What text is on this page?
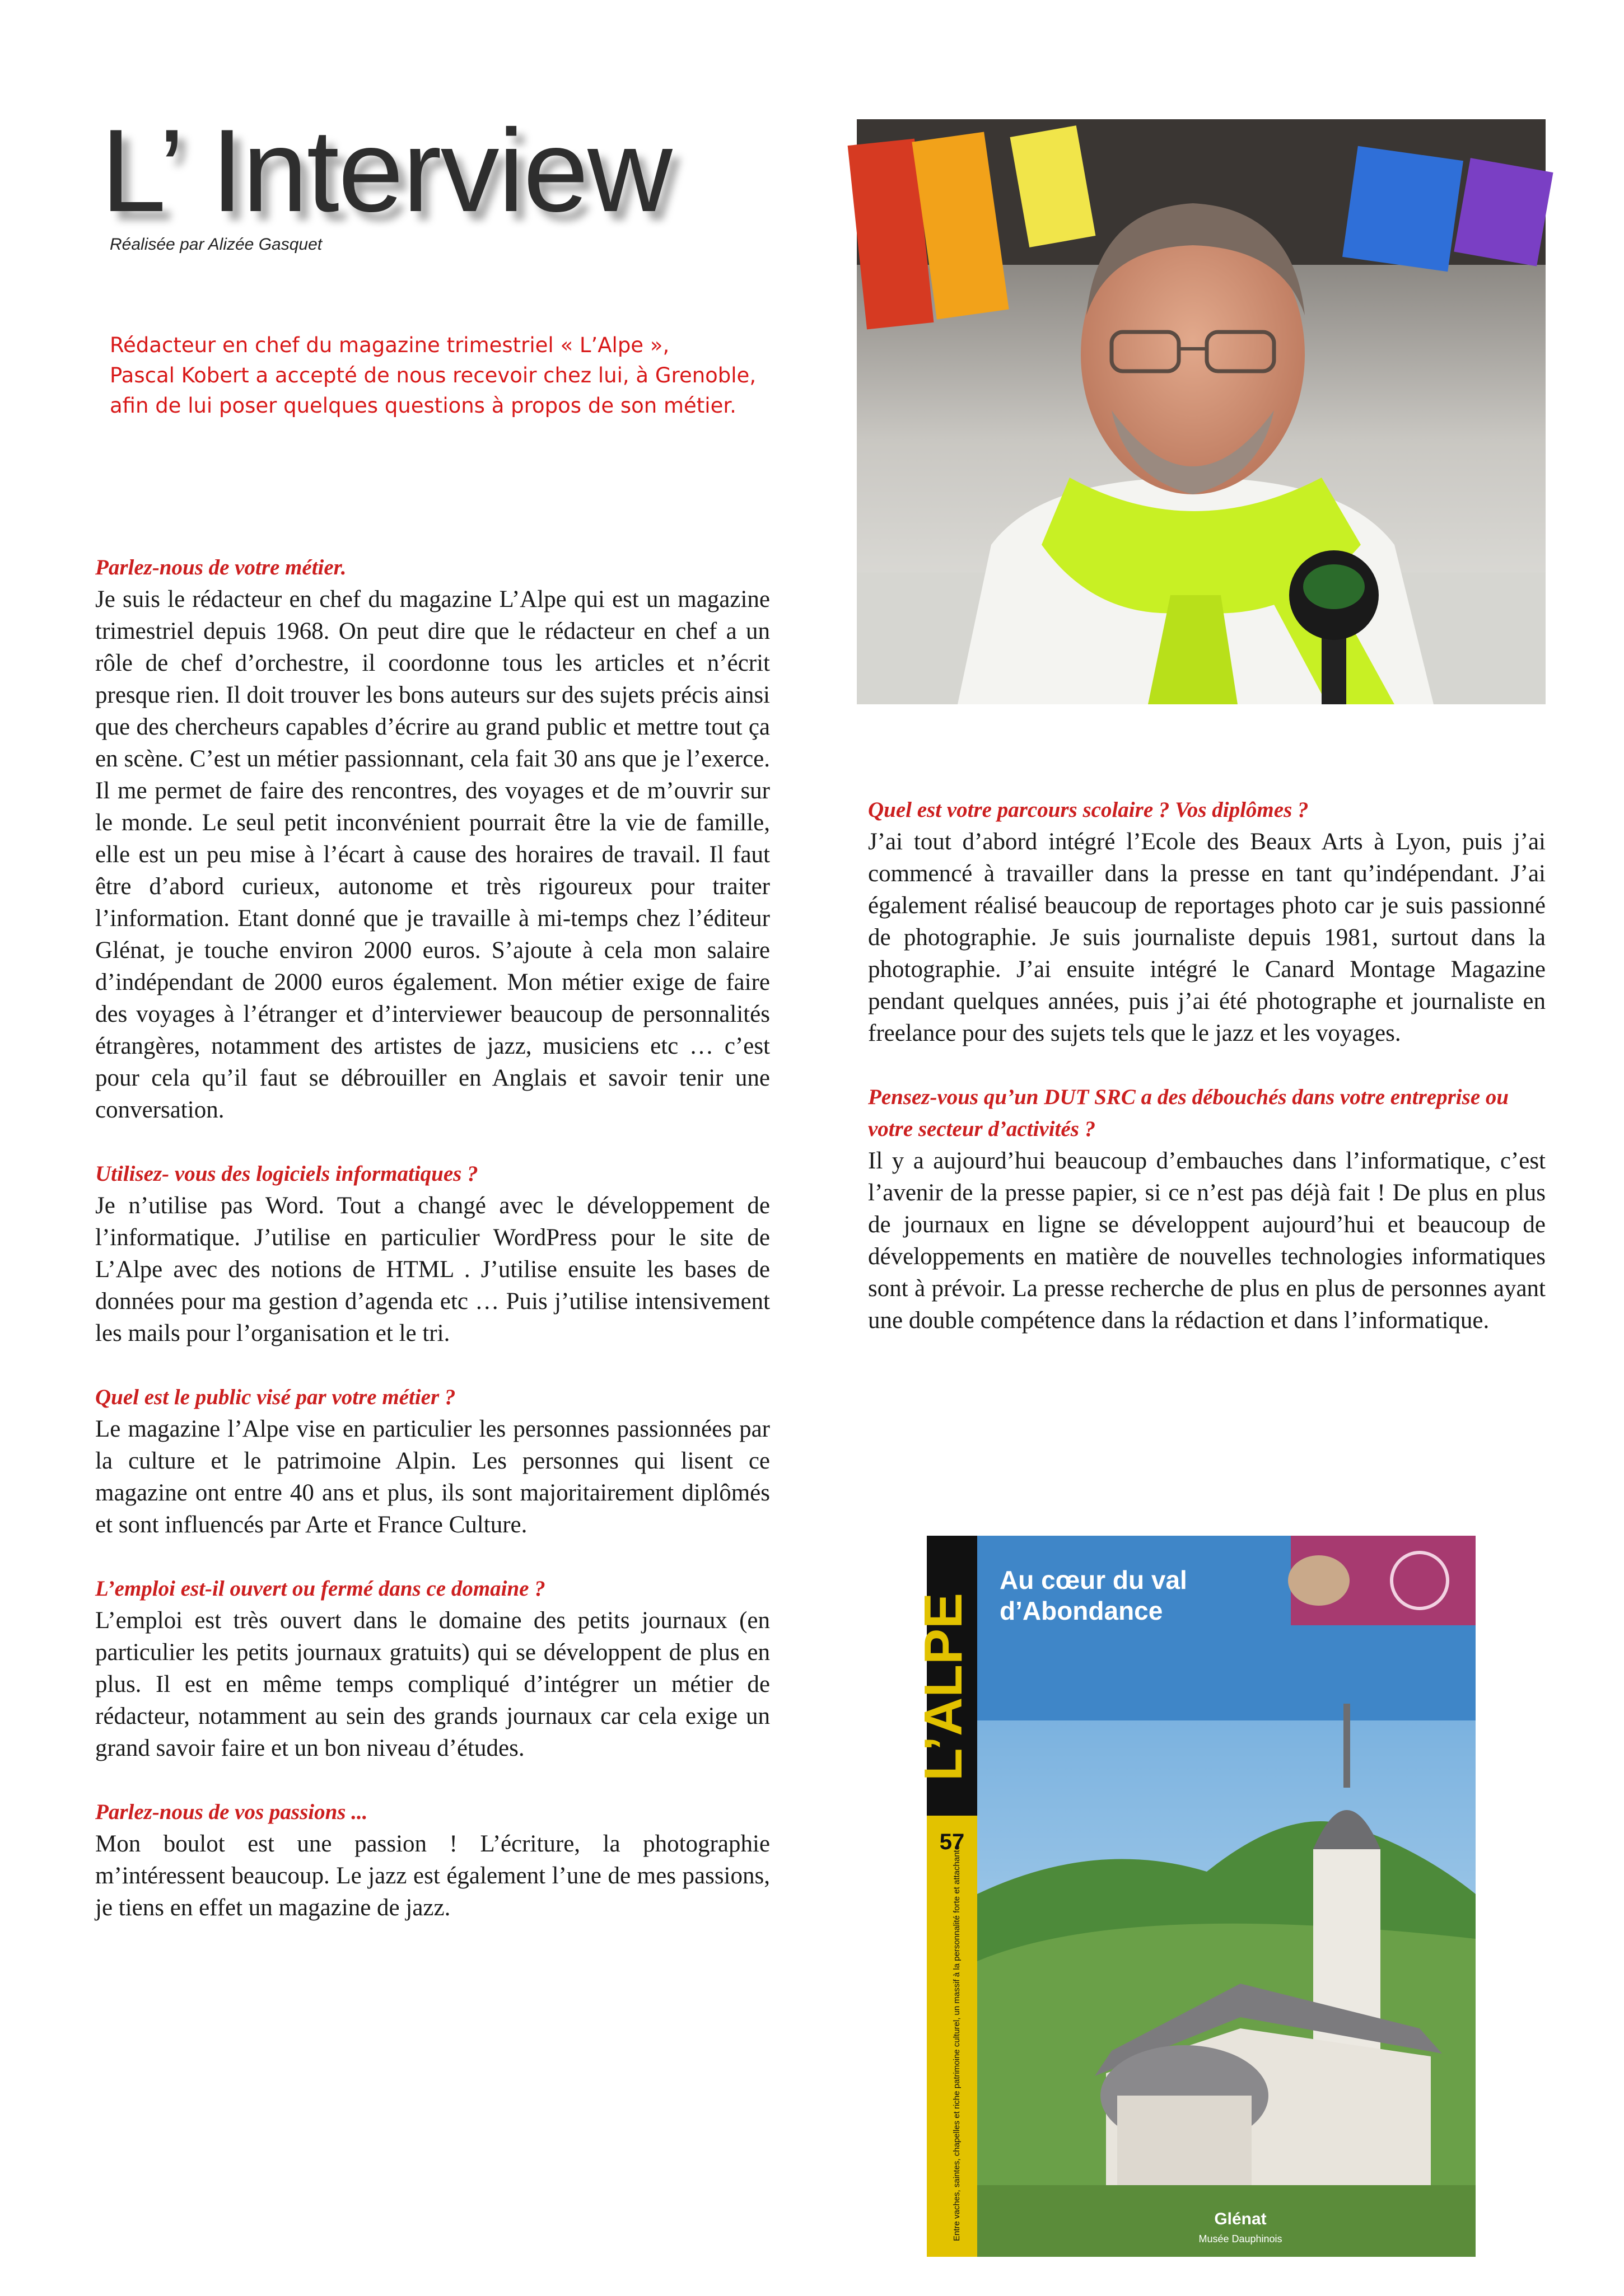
L’ Interview
Réalisée par Alizée Gasquet

Rédacteur en chef du magazine trimestriel « L’Alpe »,
Pascal Kobert a accepté de nous recevoir chez lui, à Grenoble,
afin de lui poser quelques questions à propos de son métier.

Parlez-nous de votre métier.

Je suis le rédacteur en chef du magazine L’Alpe qui est un magazine trimestriel depuis 1968. On peut dire que le rédacteur en chef a un rôle de chef d’orchestre, il coordonne tous les articles et n’écrit presque rien. Il doit trouver les bons auteurs sur des sujets précis ainsi que des chercheurs capables d’écrire au grand public et mettre tout ça en scène. C’est un métier passionnant, cela fait 30 ans que je l’exerce. Il me permet de faire des rencontres, des voyages et de m’ouvrir sur le monde. Le seul petit inconvénient pourrait être la vie de famille, elle est un peu mise à l’écart à cause des horaires de travail. Il faut être d’abord curieux, autonome et très rigoureux pour traiter l’information. Etant donné que je travaille à mi-temps chez l’éditeur Glénat, je touche environ 2000 euros. S’ajoute à cela mon salaire d’indépendant de 2000 euros également. Mon métier exige de faire des voyages à l’étranger et d’interviewer beaucoup de personnalités étrangères, notamment des artistes de jazz, musiciens etc … c’est pour cela qu’il faut se débrouiller en Anglais et savoir tenir une conversation.

Utilisez- vous des logiciels informatiques ?

Je n’utilise pas Word. Tout a changé avec le développement de l’informatique. J’utilise en particulier WordPress pour le site de L’Alpe avec des notions de HTML . J’utilise ensuite les bases de données pour ma gestion d’agenda etc … Puis j’utilise intensivement les mails pour l’organisation et le tri.

Quel est le public visé par votre métier ?

Le magazine l’Alpe vise en particulier les personnes passionnées par la culture et le patrimoine Alpin. Les personnes qui lisent ce magazine ont entre 40 ans et plus, ils sont majoritairement diplômés et sont influencés par Arte et France Culture.

L’emploi est-il ouvert ou fermé dans ce domaine ?

L’emploi est très ouvert dans le domaine des petits journaux (en particulier les petits journaux gratuits) qui se développent de plus en plus. Il est en même temps compliqué d’intégrer un métier de rédacteur, notamment au sein des grands journaux car cela exige un grand savoir faire et un bon niveau d’études.

Parlez-nous de vos passions ...

Mon boulot est une passion ! L’écriture, la photographie m’intéressent beaucoup. Le jazz est également l’une de mes passions, je tiens en effet un magazine de jazz.

Quel est votre parcours scolaire ? Vos diplômes ?

J’ai tout d’abord intégré l’Ecole des Beaux Arts à Lyon, puis j’ai commencé à travailler dans la presse en tant qu’indépendant. J’ai également réalisé beaucoup de reportages photo car je suis passionné de photographie. Je suis journaliste depuis 1981, surtout dans la photographie. J’ai ensuite intégré le Canard Montage Magazine pendant quelques années, puis j’ai été photographe et journaliste en freelance pour des sujets tels que le jazz et les voyages.

Pensez-vous qu’un DUT SRC a des débouchés dans votre entreprise ou votre secteur d’activités ?

Il y a aujourd’hui beaucoup d’embauches dans l’informatique, c’est l’avenir de la presse papier, si ce n’est pas déjà fait ! De plus en plus de journaux en ligne se développent aujourd’hui et beaucoup de développements en matière de nouvelles technologies informatiques sont à prévoir. La presse recherche de plus en plus de personnes ayant une double compétence dans la rédaction et dans l’informatique.

L’ALPE
57
Entre vaches, saintes, chapelles et riche patrimoine culturel, un massif à la personnalité forte et attachante
Au cœur du val
d’Abondance
Glénat
Musée Dauphinois
